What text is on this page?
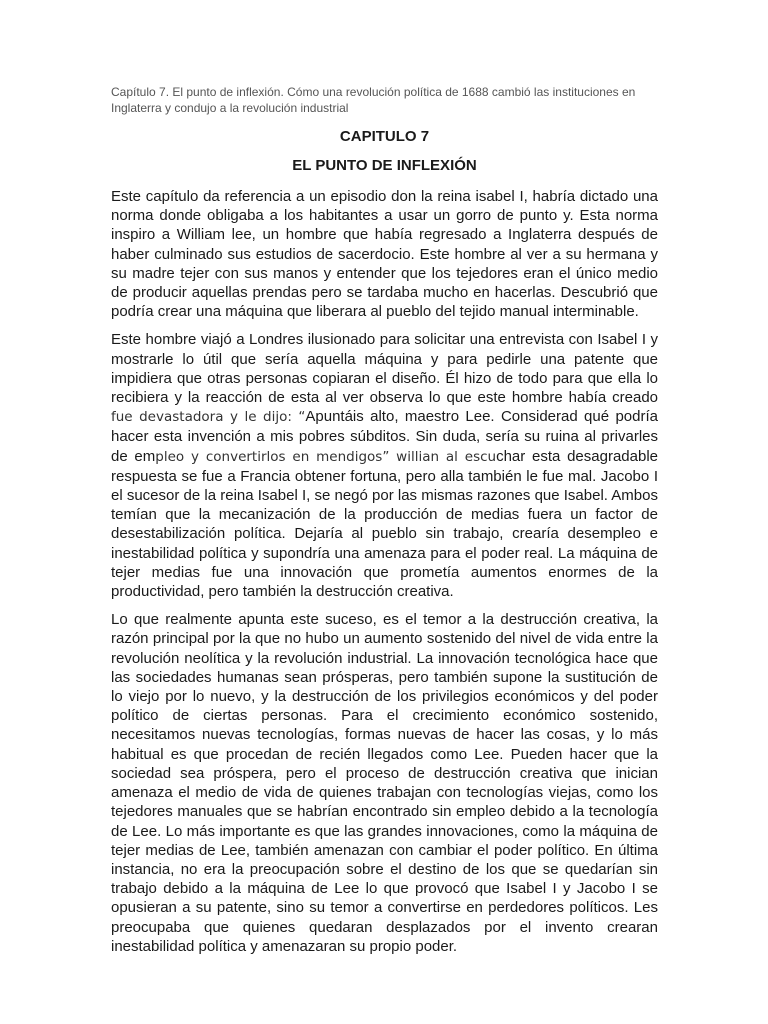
Capítulo 7. El punto de inflexión. Cómo una revolución política de 1688 cambió las instituciones en Inglaterra y condujo a la revolución industrial

CAPITULO 7
EL PUNTO DE INFLEXIÓN

Este capítulo da referencia a un episodio don la reina isabel I, habría dictado una norma donde obligaba a los habitantes a usar un gorro de punto y. Esta norma inspiro a William lee, un hombre que había regresado a Inglaterra después de haber culminado sus estudios de sacerdocio. Este hombre al ver a su hermana y su madre tejer con sus manos y entender que los tejedores eran el único medio de producir aquellas prendas pero se tardaba mucho en hacerlas. Descubrió que podría crear una máquina que liberara al pueblo del tejido manual interminable.

Este hombre viajó a Londres ilusionado para solicitar una entrevista con Isabel I y mostrarle lo útil que sería aquella máquina y para pedirle una patente que impidiera que otras personas copiaran el diseño. Él hizo de todo para que ella lo recibiera y la reacción de esta al ver observa lo que este hombre había creado fue devastadora y le dijo: “Apuntáis alto, maestro Lee. Considerad qué podría hacer esta invención a mis pobres súbditos. Sin duda, sería su ruina al privarles de empleo y convertirlos en mendigos” willian al escuchar esta desagradable respuesta se fue a Francia obtener fortuna, pero alla también le fue mal. Jacobo I el sucesor de la reina Isabel I, se negó por las mismas razones que Isabel. Ambos temían que la mecanización de la producción de medias fuera un factor de desestabilización política. Dejaría al pueblo sin trabajo, crearía desempleo e inestabilidad política y supondría una amenaza para el poder real. La máquina de tejer medias fue una innovación que prometía aumentos enormes de la productividad, pero también la destrucción creativa.

Lo que realmente apunta este suceso, es el temor a la destrucción creativa, la razón principal por la que no hubo un aumento sostenido del nivel de vida entre la revolución neolítica y la revolución industrial. La innovación tecnológica hace que las sociedades humanas sean prósperas, pero también supone la sustitución de lo viejo por lo nuevo, y la destrucción de los privilegios económicos y del poder político de ciertas personas. Para el crecimiento económico sostenido, necesitamos nuevas tecnologías, formas nuevas de hacer las cosas, y lo más habitual es que procedan de recién llegados como Lee. Pueden hacer que la sociedad sea próspera, pero el proceso de destrucción creativa que inician amenaza el medio de vida de quienes trabajan con tecnologías viejas, como los tejedores manuales que se habrían encontrado sin empleo debido a la tecnología de Lee. Lo más importante es que las grandes innovaciones, como la máquina de tejer medias de Lee, también amenazan con cambiar el poder político. En última instancia, no era la preocupación sobre el destino de los que se quedarían sin trabajo debido a la máquina de Lee lo que provocó que Isabel I y Jacobo I se opusieran a su patente, sino su temor a convertirse en perdedores políticos. Les preocupaba que quienes quedaran desplazados por el invento crearan inestabilidad política y amenazaran su propio poder.
